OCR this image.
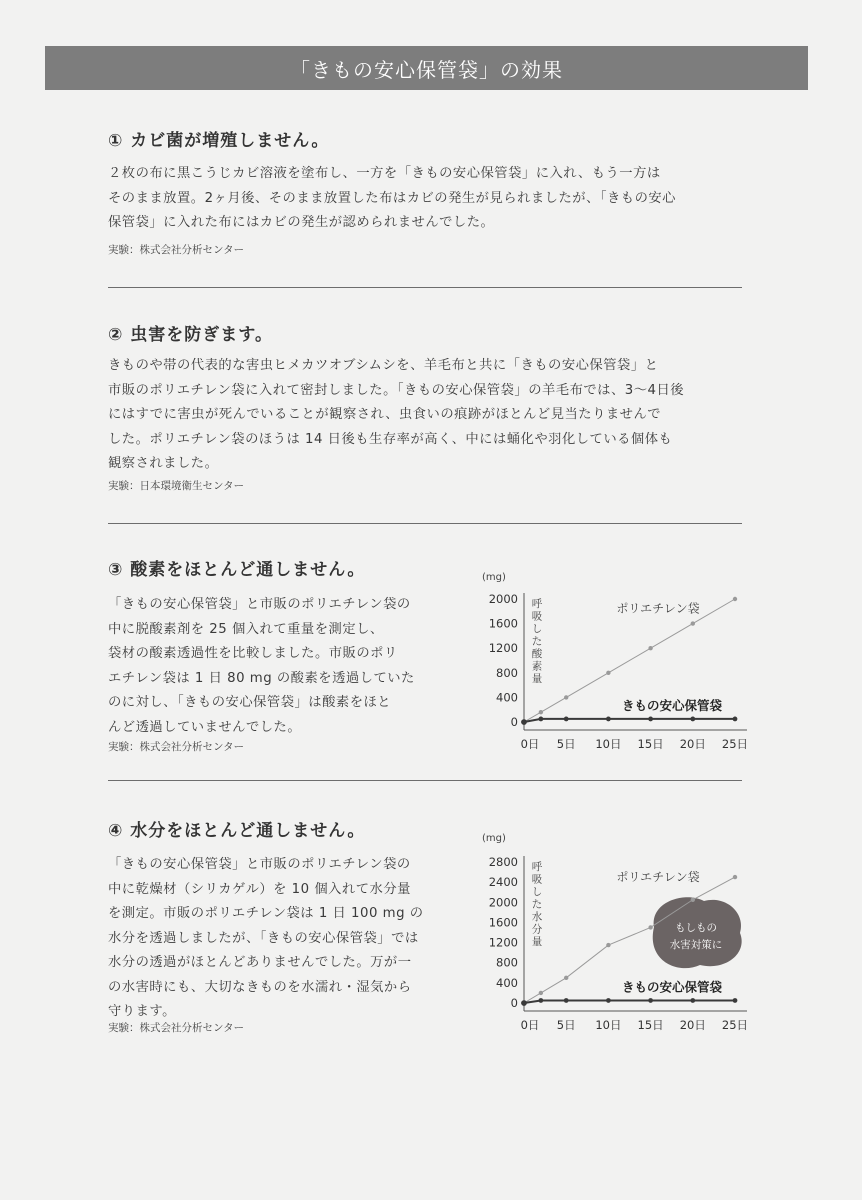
「きもの安心保管袋」の効果
① カビ菌が増殖しません。

２枚の布に黒こうじカビ溶液を塗布し、一方を「きもの安心保管袋」に入れ、もう一方は

そのまま放置。2ヶ月後、そのまま放置した布はカビの発生が見られましたが、「きもの安心

保管袋」に入れた布にはカビの発生が認められませんでした。

実験：株式会社分析センター
② 虫害を防ぎます。

きものや帯の代表的な害虫ヒメカツオブシムシを、羊毛布と共に「きもの安心保管袋」と

市販のポリエチレン袋に入れて密封しました。「きもの安心保管袋」の羊毛布では、3～4日後

にはすでに害虫が死んでいることが観察され、虫食いの痕跡がほとんど見当たりませんで

した。ポリエチレン袋のほうは 14 日後も生存率が高く、中には蛹化や羽化している個体も

観察されました。

実験：日本環境衛生センター
③ 酸素をほとんど通しません。

「きもの安心保管袋」と市販のポリエチレン袋の

中に脱酸素剤を 25 個入れて重量を測定し、

袋材の酸素透過性を比較しました。市販のポリ

エチレン袋は 1 日 80 mg の酸素を透過していた

のに対し、「きもの安心保管袋」は酸素をほと

んど透過していませんでした。

実験：株式会社分析センター
(mg)
0
400
800
1200
1600
2000
0日 5日 10日 15日 20日 25日
呼
吸
し
た
酸
素
量
ポリエチレン袋
きもの安心保管袋
④ 水分をほとんど通しません。

「きもの安心保管袋」と市販のポリエチレン袋の

中に乾燥材（シリカゲル）を 10 個入れて水分量

を測定。市販のポリエチレン袋は 1 日 100 mg の

水分を透過しましたが、「きもの安心保管袋」では

水分の透過がほとんどありませんでした。万が一

の水害時にも、大切なきものを水濡れ・湿気から

守ります。

実験：株式会社分析センター
(mg)
0
400
800
1200
1600
2000
2400
2800
0日 5日 10日 15日 20日 25日
呼
吸
し
た
水
分
量
もしもの
水害対策に
ポリエチレン袋
きもの安心保管袋
